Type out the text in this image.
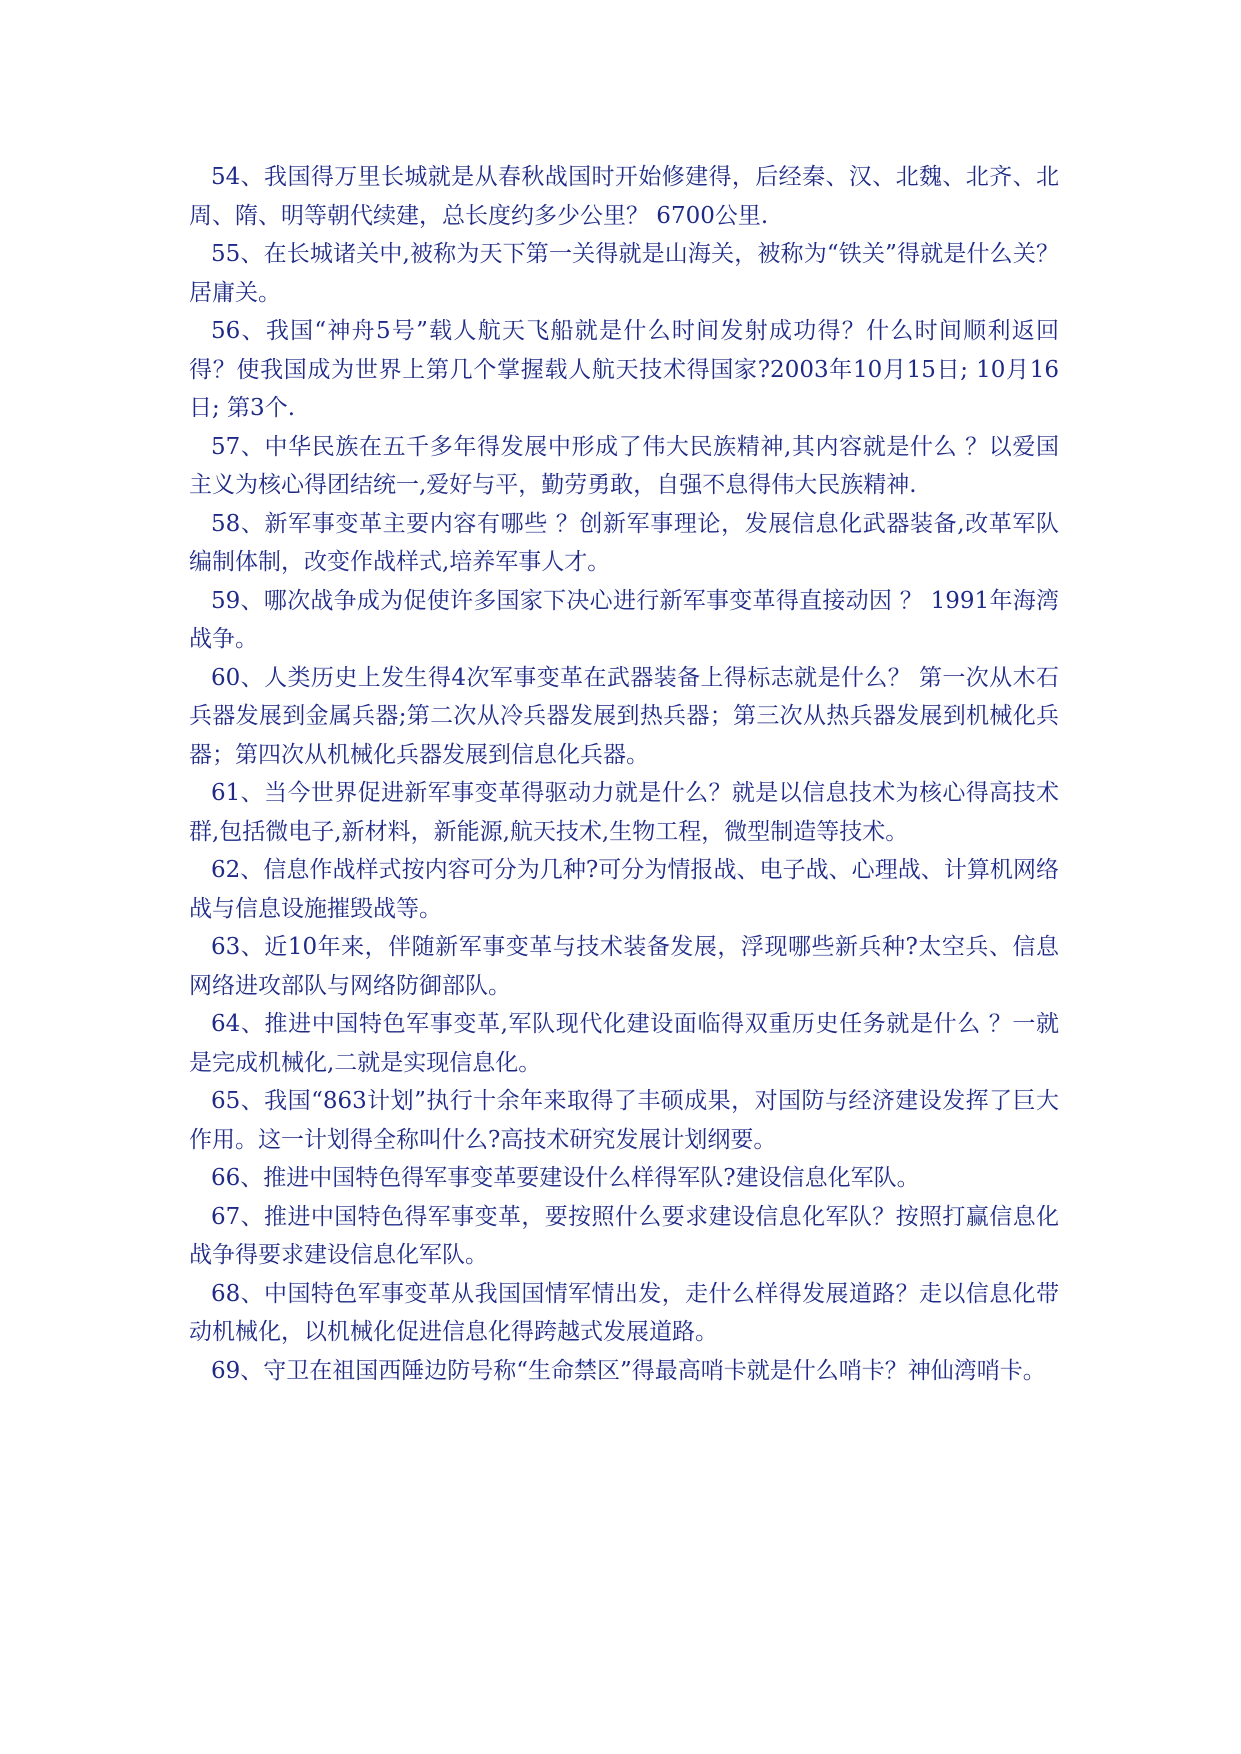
54、我国得万里长城就是从春秋战国时开始修建得，后经秦、汉、北魏、北齐、北周、隋、明等朝代续建，总长度约多少公里？ 6700公里.

55、在长城诸关中,被称为天下第一关得就是山海关，被称为“铁关”得就是什么关？居庸关。

56、我国“神舟5号”载人航天飞船就是什么时间发射成功得？什么时间顺利返回得？使我国成为世界上第几个掌握载人航天技术得国家?2003年10月15日; 10月16日; 第3个.

57、中华民族在五千多年得发展中形成了伟大民族精神,其内容就是什么 ？以爱国主义为核心得团结统一,爱好与平，勤劳勇敢，自强不息得伟大民族精神.

58、新军事变革主要内容有哪些 ？创新军事理论，发展信息化武器装备,改革军队编制体制，改变作战样式,培养军事人才。

59、哪次战争成为促使许多国家下决心进行新军事变革得直接动因 ？ 1991年海湾战争。

60、人类历史上发生得4次军事变革在武器装备上得标志就是什么？ 第一次从木石兵器发展到金属兵器;第二次从冷兵器发展到热兵器；第三次从热兵器发展到机械化兵器；第四次从机械化兵器发展到信息化兵器。

61、当今世界促进新军事变革得驱动力就是什么？就是以信息技术为核心得高技术群,包括微电子,新材料，新能源,航天技术,生物工程，微型制造等技术。

62、信息作战样式按内容可分为几种?可分为情报战、电子战、心理战、计算机网络战与信息设施摧毁战等。

63、近10年来，伴随新军事变革与技术装备发展，浮现哪些新兵种?太空兵、信息网络进攻部队与网络防御部队。

64、推进中国特色军事变革,军队现代化建设面临得双重历史任务就是什么 ？一就是完成机械化,二就是实现信息化。

65、我国“863计划”执行十余年来取得了丰硕成果，对国防与经济建设发挥了巨大作用。这一计划得全称叫什么?高技术研究发展计划纲要。

66、推进中国特色得军事变革要建设什么样得军队?建设信息化军队。

67、推进中国特色得军事变革，要按照什么要求建设信息化军队？按照打赢信息化战争得要求建设信息化军队。

68、中国特色军事变革从我国国情军情出发，走什么样得发展道路？走以信息化带动机械化，以机械化促进信息化得跨越式发展道路。

69、守卫在祖国西陲边防号称“生命禁区”得最高哨卡就是什么哨卡？神仙湾哨卡。
